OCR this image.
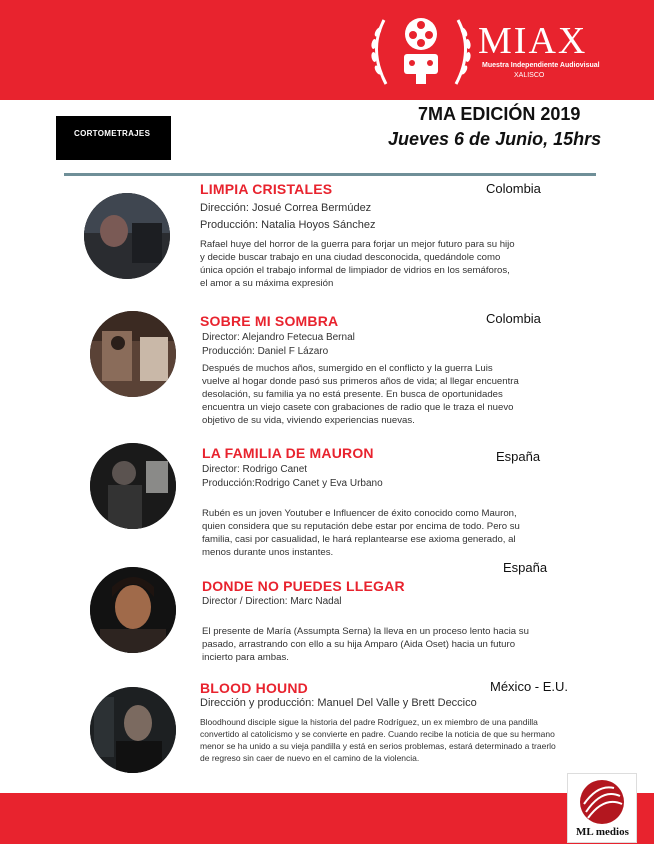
MIAX
Muestra Independiente Audiovisual
XALISCO
CORTOMETRAJES
7MA EDICIÓN 2019
Jueves 6 de Junio, 15hrs
LIMPIA CRISTALES	Colombia
Dirección: Josué Correa Bermúdez
Producción: Natalia Hoyos Sánchez
Rafael huye del horror de la guerra para forjar un mejor futuro para su hijo
y decide buscar trabajo en una ciudad desconocida, quedándole como
única opción el trabajo informal de limpiador de vidrios en los semáforos,
el amor a su máxima expresión
SOBRE MI SOMBRA	Colombia
Director: Alejandro Fetecua Bernal
Producción: Daniel F Lázaro
Después de muchos años, sumergido en el conflicto y la guerra Luis
vuelve al hogar donde pasó sus primeros años de vida; al llegar encuentra
desolación, su familia ya no está presente. En busca de oportunidades
encuentra un viejo casete con grabaciones de radio que le traza el nuevo
objetivo de su vida, viviendo experiencias nuevas.
LA FAMILIA DE MAURON	España
Director: Rodrigo Canet
Producción:Rodrigo Canet y Eva Urbano
Rubén es un joven Youtuber e Influencer de éxito conocido como Mauron,
quien considera que su reputación debe estar por encima de todo. Pero su
familia, casi por casualidad, le hará replantearse ese axioma generado, al
menos durante unos instantes.
DONDE NO PUEDES LLEGAR
España
Director / Direction: Marc Nadal
El presente de María (Assumpta Serna) la lleva en un proceso lento hacia su
pasado, arrastrando con ello a su hija Amparo (Aida Oset) hacia un futuro
incierto para ambas.
BLOOD HOUND	México - E.U.
Dirección y producción: Manuel Del Valle y Brett Deccico
Bloodhound disciple sigue la historia del padre Rodríguez, un ex miembro de una pandilla
convertido al catolicismo y se convierte en padre. Cuando recibe la noticia de que su hermano
menor se ha unido a su vieja pandilla y está en serios problemas, estará determinado a traerlo
de regreso sin caer de nuevo en el camino de la violencia.
ML medios
